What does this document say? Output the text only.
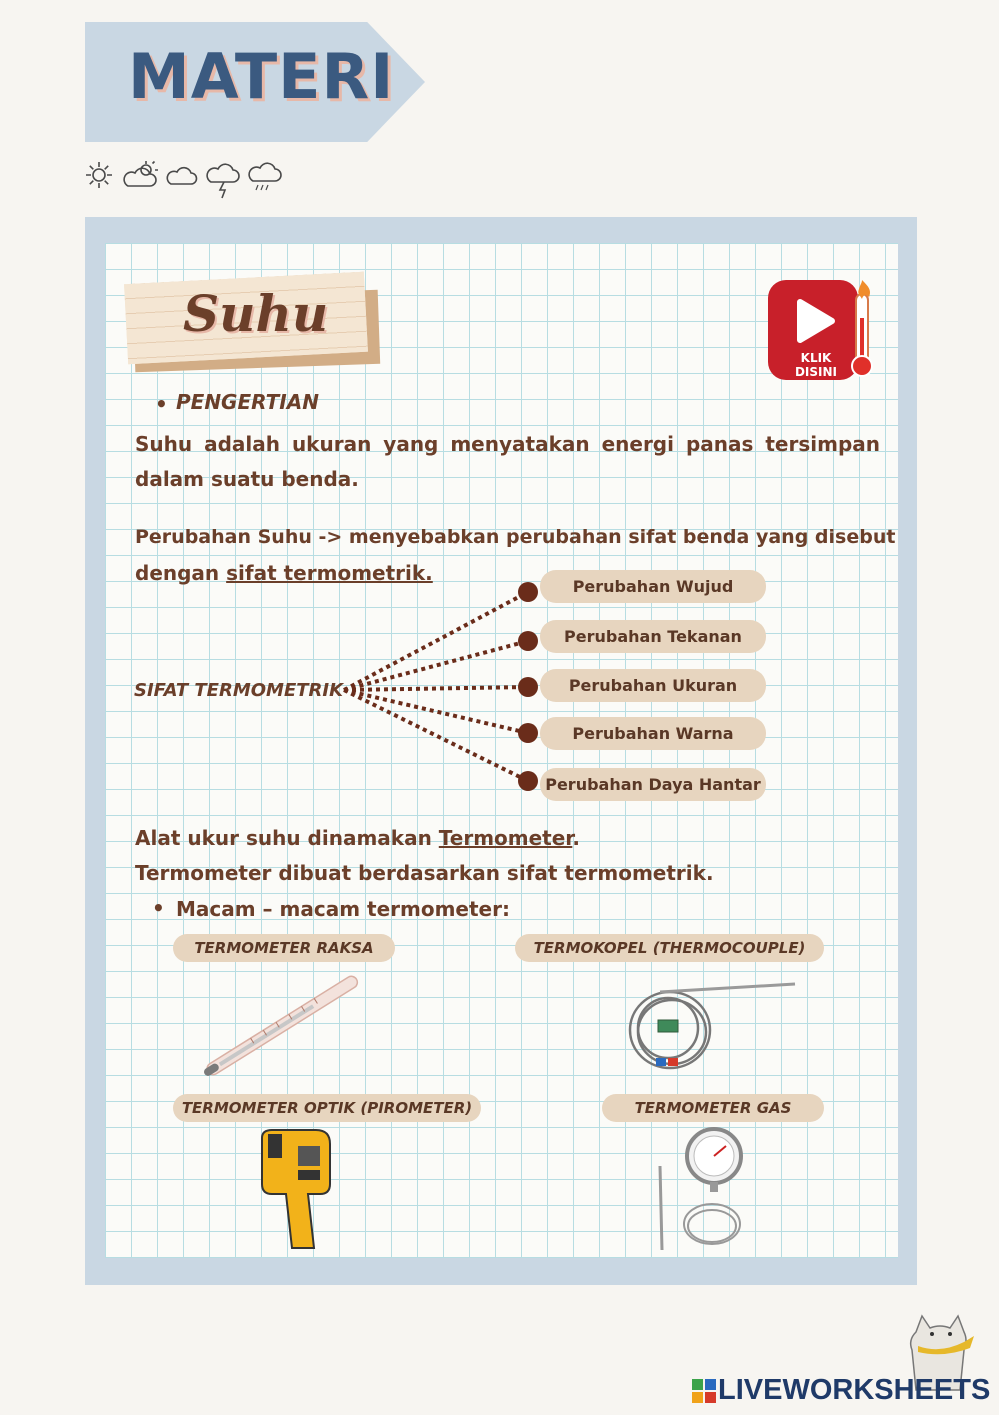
MATERI
Suhu
KLIK
DISINI
• PENGERTIAN
Suhu adalah ukuran yang menyatakan energi panas tersimpan dalam suatu benda.
Perubahan Suhu -> menyebabkan perubahan sifat benda yang disebut
dengan sifat termometrik.
SIFAT TERMOMETRIK
Perubahan Wujud
Perubahan Tekanan
Perubahan Ukuran
Perubahan Warna
Perubahan Daya Hantar
Alat ukur suhu dinamakan Termometer.
Termometer dibuat berdasarkan sifat termometrik.
• Macam – macam termometer:
TERMOMETER RAKSA	TERMOKOPEL (THERMOCOUPLE)
TERMOMETER OPTIK (PIROMETER)	TERMOMETER GAS
LIVEWORKSHEETS
